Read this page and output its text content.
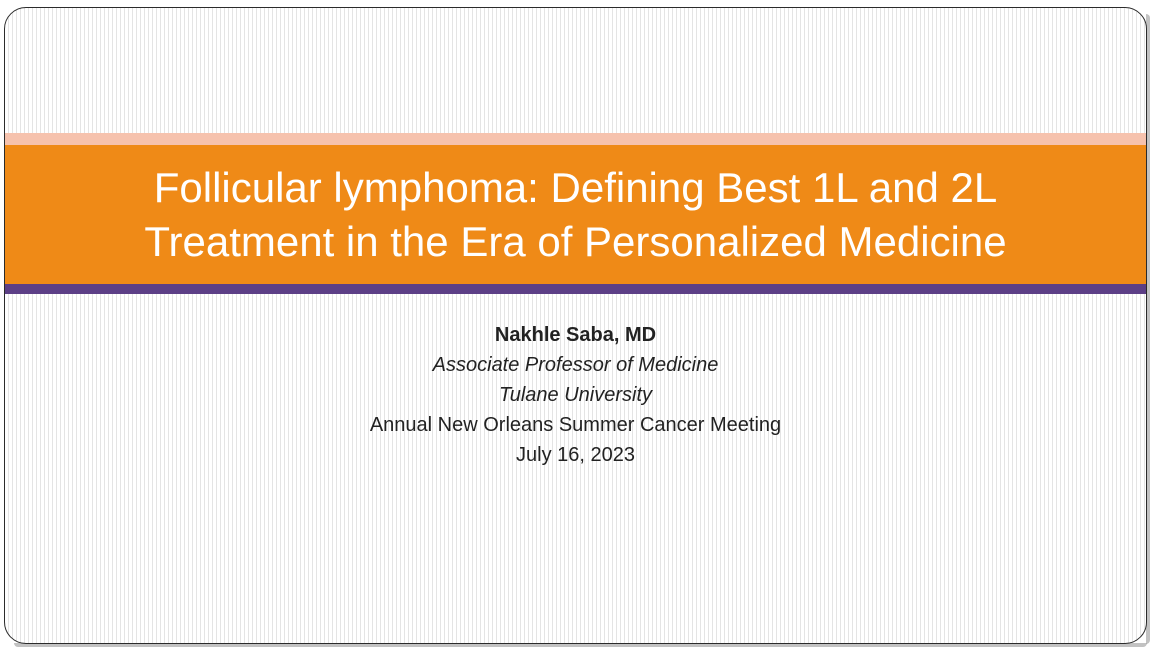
Follicular lymphoma: Defining Best 1L and 2L
Treatment in the Era of Personalized Medicine
Nakhle Saba, MD
Associate Professor of Medicine
Tulane University
Annual New Orleans Summer Cancer Meeting
July 16, 2023
